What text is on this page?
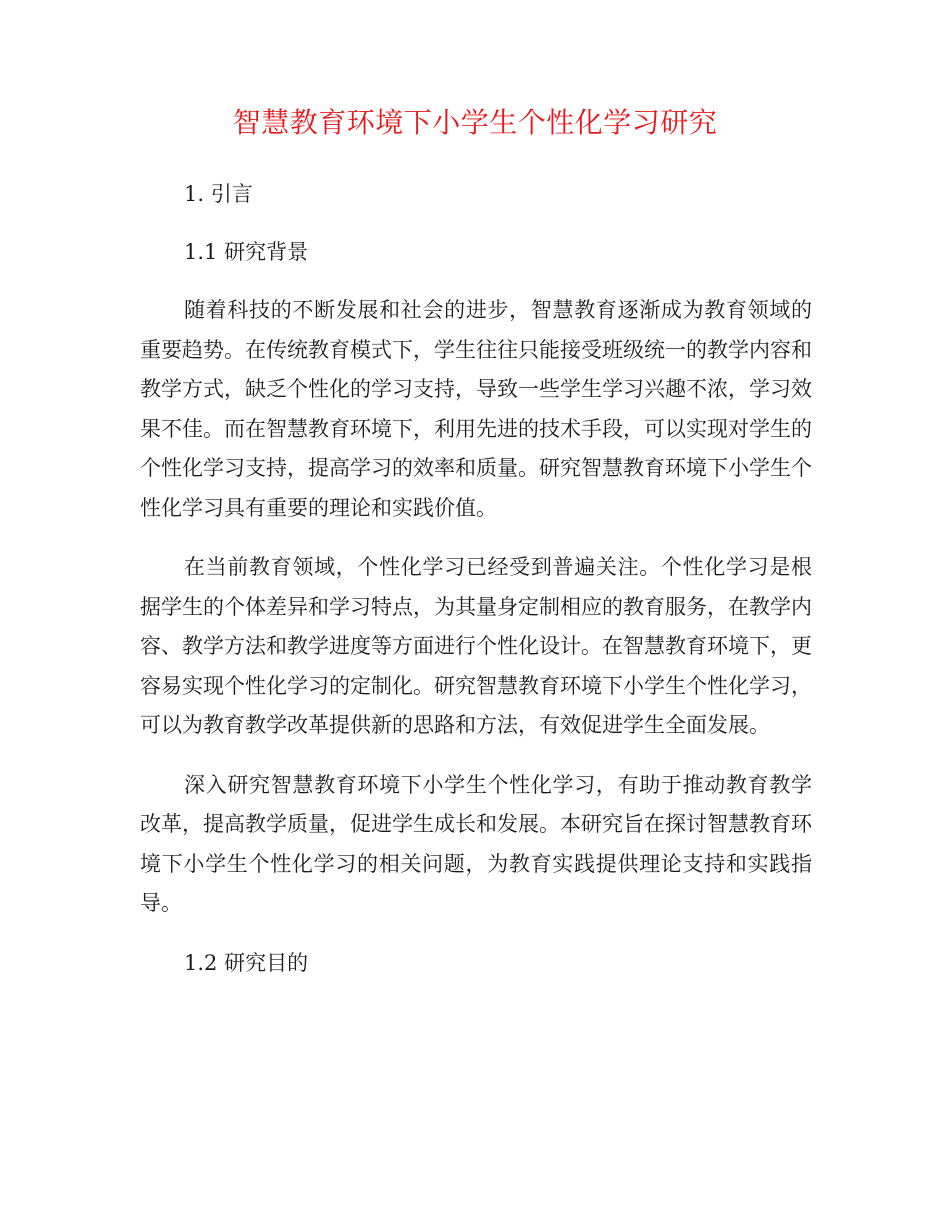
智慧教育环境下小学生个性化学习研究

1. 引言

1.1 研究背景

随着科技的不断发展和社会的进步，智慧教育逐渐成为教育领域的重要趋势。在传统教育模式下，学生往往只能接受班级统一的教学内容和教学方式，缺乏个性化的学习支持，导致一些学生学习兴趣不浓，学习效果不佳。而在智慧教育环境下，利用先进的技术手段，可以实现对学生的个性化学习支持，提高学习的效率和质量。研究智慧教育环境下小学生个性化学习具有重要的理论和实践价值。

在当前教育领域，个性化学习已经受到普遍关注。个性化学习是根据学生的个体差异和学习特点，为其量身定制相应的教育服务，在教学内容、教学方法和教学进度等方面进行个性化设计。在智慧教育环境下，更容易实现个性化学习的定制化。研究智慧教育环境下小学生个性化学习，可以为教育教学改革提供新的思路和方法，有效促进学生全面发展。

深入研究智慧教育环境下小学生个性化学习，有助于推动教育教学改革，提高教学质量，促进学生成长和发展。本研究旨在探讨智慧教育环境下小学生个性化学习的相关问题，为教育实践提供理论支持和实践指导。

1.2 研究目的
